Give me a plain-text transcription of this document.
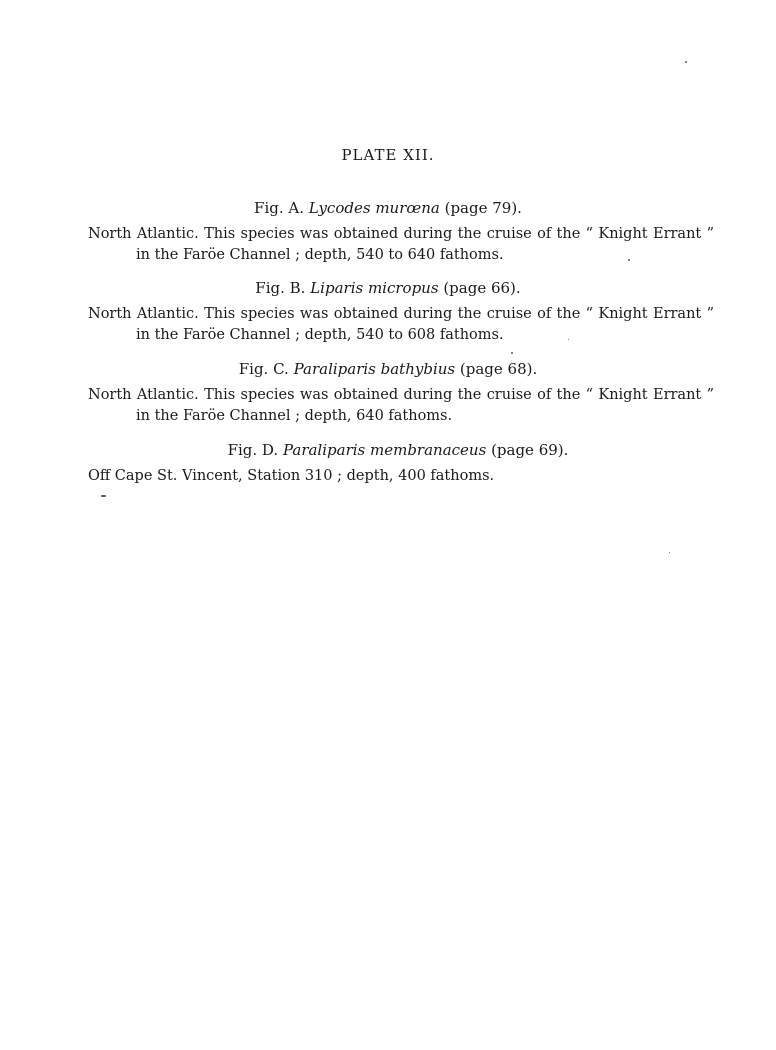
PLATE XII.

Fig. A. Lycodes murœna (page 79).

North Atlantic. This species was obtained during the cruise of the “ Knight Errant ”
in the Faröe Channel ; depth, 540 to 640 fathoms.

Fig. B. Liparis micropus (page 66).

North Atlantic. This species was obtained during the cruise of the “ Knight Errant ”
in the Faröe Channel ; depth, 540 to 608 fathoms.

Fig. C. Paraliparis bathybius (page 68).

North Atlantic. This species was obtained during the cruise of the “ Knight Errant ”
in the Faröe Channel ; depth, 640 fathoms.

Fig. D. Paraliparis membranaceus (page 69).

Off Cape St. Vincent, Station 310 ; depth, 400 fathoms.
